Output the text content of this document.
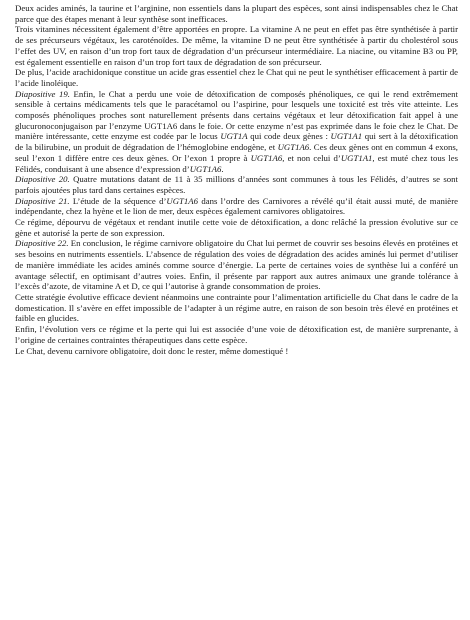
Deux acides aminés, la taurine et l’arginine, non essentiels dans la plupart des espèces, sont ainsi indispensables chez le Chat parce que des étapes menant à leur synthèse sont inefficaces.

Trois vitamines nécessitent également d’être apportées en propre. La vitamine A ne peut en effet pas être synthétisée à partir de ses précurseurs végétaux, les caroténoïdes. De même, la vitamine D ne peut être synthétisée à partir du cholestérol sous l’effet des UV, en raison d’un trop fort taux de dégradation d’un précurseur intermédiaire. La niacine, ou vitamine B3 ou PP, est également essentielle en raison d’un trop fort taux de dégradation de son précurseur.

De plus, l’acide arachidonique constitue un acide gras essentiel chez le Chat qui ne peut le synthétiser efficacement à partir de l’acide linoléique.

Diapositive 19. Enfin, le Chat a perdu une voie de détoxification de composés phénoliques, ce qui le rend extrêmement sensible à certains médicaments tels que le paracétamol ou l’aspirine, pour lesquels une toxicité est très vite atteinte. Les composés phénoliques proches sont naturellement présents dans certains végétaux et leur détoxification fait appel à une glucuronoconjugaison par l’enzyme UGT1A6 dans le foie. Or cette enzyme n’est pas exprimée dans le foie chez le Chat. De manière intéressante, cette enzyme est codée par le locus UGT1A qui code deux gènes : UGT1A1 qui sert à la détoxification de la bilirubine, un produit de dégradation de l’hémoglobine endogène, et UGT1A6. Ces deux gènes ont en commun 4 exons, seul l’exon 1 diffère entre ces deux gènes. Or l’exon 1 propre à UGT1A6, et non celui d’UGT1A1, est muté chez tous les Félidés, conduisant à une absence d’expression d’UGT1A6.

Diapositive 20. Quatre mutations datant de 11 à 35 millions d’années sont communes à tous les Félidés, d’autres se sont parfois ajoutées plus tard dans certaines espèces.

Diapositive 21. L’étude de la séquence d’UGT1A6 dans l’ordre des Carnivores a révélé qu’il était aussi muté, de manière indépendante, chez la hyène et le lion de mer, deux espèces également carnivores obligatoires.

Ce régime, dépourvu de végétaux et rendant inutile cette voie de détoxification, a donc relâché la pression évolutive sur ce gène et autorisé la perte de son expression.

Diapositive 22. En conclusion, le régime carnivore obligatoire du Chat lui permet de couvrir ses besoins élevés en protéines et ses besoins en nutriments essentiels. L’absence de régulation des voies de dégradation des acides aminés lui permet d’utiliser de manière immédiate les acides aminés comme source d’énergie. La perte de certaines voies de synthèse lui a conféré un avantage sélectif, en optimisant d’autres voies. Enfin, il présente par rapport aux autres animaux une grande tolérance à l’excès d’azote, de vitamine A et D, ce qui l’autorise à grande consommation de proies.

Cette stratégie évolutive efficace devient néanmoins une contrainte pour l’alimentation artificielle du Chat dans le cadre de la domestication. Il s’avère en effet impossible de l’adapter à un régime autre, en raison de son besoin très élevé en protéines et faible en glucides.

Enfin, l’évolution vers ce régime et la perte qui lui est associée d’une voie de détoxification est, de manière surprenante, à l’origine de certaines contraintes thérapeutiques dans cette espèce.

Le Chat, devenu carnivore obligatoire, doit donc le rester, même domestiqué !
